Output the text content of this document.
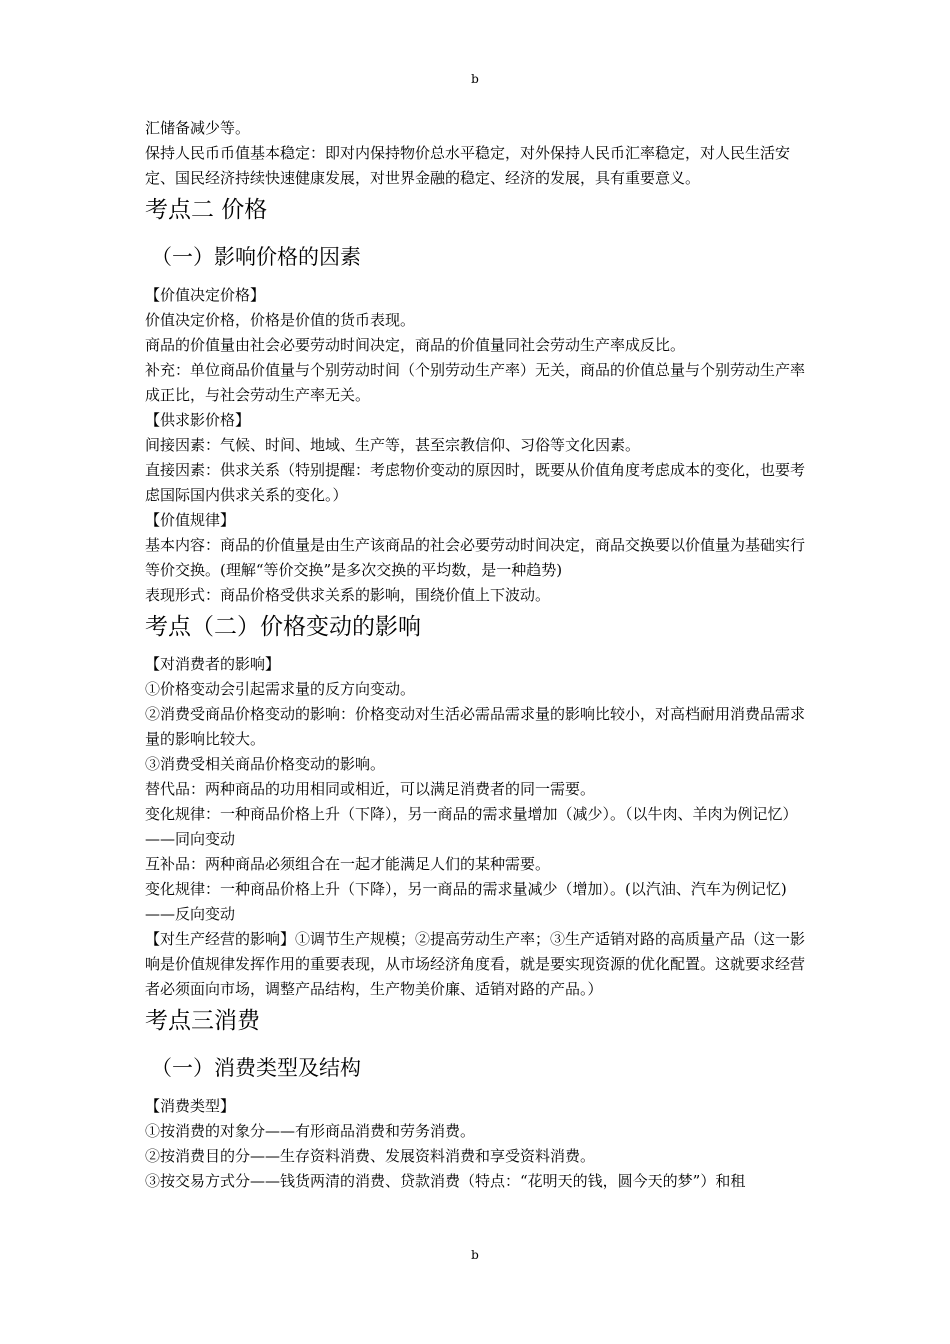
b

汇储备减少等。

保持人民币币值基本稳定：即对内保持物价总水平稳定，对外保持人民币汇率稳定，对人民生活安定、国民经济持续快速健康发展，对世界金融的稳定、经济的发展，具有重要意义。

考点二 价格
（一）影响价格的因素

【价值决定价格】

价值决定价格，价格是价值的货币表现。

商品的价值量由社会必要劳动时间决定，商品的价值量同社会劳动生产率成反比。

补充：单位商品价值量与个别劳动时间（个别劳动生产率）无关，商品的价值总量与个别劳动生产率成正比，与社会劳动生产率无关。

【供求影价格】

间接因素：气候、时间、地域、生产等，甚至宗教信仰、习俗等文化因素。

直接因素：供求关系（特别提醒：考虑物价变动的原因时，既要从价值角度考虑成本的变化，也要考虑国际国内供求关系的变化。）

【价值规律】

基本内容：商品的价值量是由生产该商品的社会必要劳动时间决定，商品交换要以价值量为基础实行等价交换。(理解“等价交换”是多次交换的平均数，是一种趋势)

表现形式：商品价格受供求关系的影响，围绕价值上下波动。

考点（二）价格变动的影响

【对消费者的影响】

①价格变动会引起需求量的反方向变动。

②消费受商品价格变动的影响：价格变动对生活必需品需求量的影响比较小，对高档耐用消费品需求量的影响比较大。

③消费受相关商品价格变动的影响。

替代品：两种商品的功用相同或相近，可以满足消费者的同一需要。

变化规律：一种商品价格上升（下降），另一商品的需求量增加（减少）。（以牛肉、羊肉为例记忆）——同向变动

互补品：两种商品必须组合在一起才能满足人们的某种需要。

变化规律：一种商品价格上升（下降），另一商品的需求量减少（增加）。(以汽油、汽车为例记忆)——反向变动

【对生产经营的影响】①调节生产规模；②提高劳动生产率；③生产适销对路的高质量产品（这一影响是价值规律发挥作用的重要表现，从市场经济角度看，就是要实现资源的优化配置。这就要求经营者必须面向市场，调整产品结构，生产物美价廉、适销对路的产品。）

考点三消费
（一）消费类型及结构

【消费类型】

①按消费的对象分——有形商品消费和劳务消费。

②按消费目的分——生存资料消费、发展资料消费和享受资料消费。

③按交易方式分——钱货两清的消费、贷款消费（特点：“花明天的钱，圆今天的梦”）和租

b
